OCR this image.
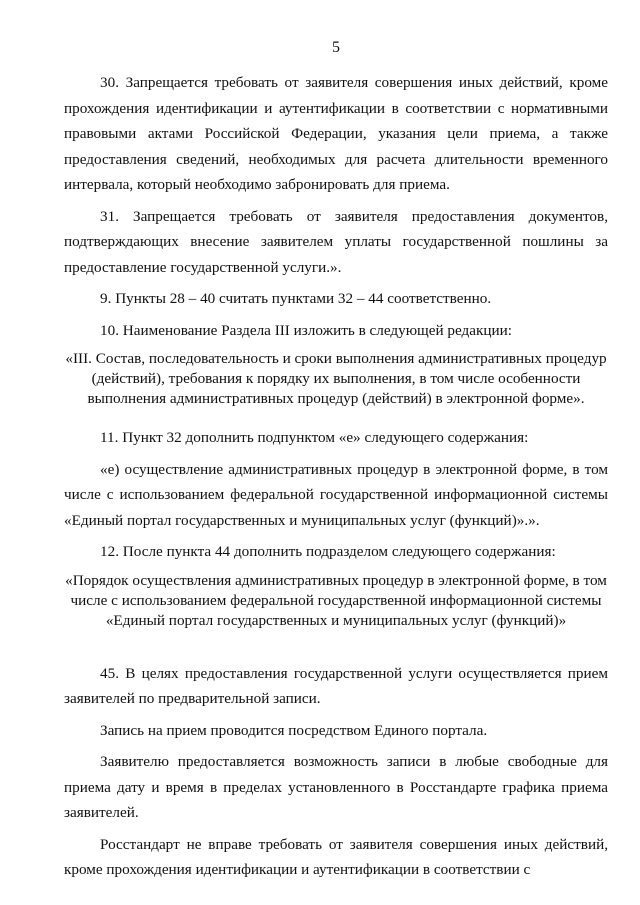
5

30. Запрещается требовать от заявителя совершения иных действий, кроме прохождения идентификации и аутентификации в соответствии с нормативными правовыми актами Российской Федерации, указания цели приема, а также предоставления сведений, необходимых для расчета длительности временного интервала, который необходимо забронировать для приема.

31. Запрещается требовать от заявителя предоставления документов, подтверждающих внесение заявителем уплаты государственной пошлины за предоставление государственной услуги.».

9. Пункты 28 – 40 считать пунктами 32 – 44 соответственно.

10. Наименование Раздела III изложить в следующей редакции:

«III. Состав, последовательность и сроки выполнения административных процедур (действий), требования к порядку их выполнения, в том числе особенности выполнения административных процедур (действий) в электронной форме».

11. Пункт 32 дополнить подпунктом «е» следующего содержания:

«е) осуществление административных процедур в электронной форме, в том числе с использованием федеральной государственной информационной системы «Единый портал государственных и муниципальных услуг (функций)».».

12. После пункта 44 дополнить подразделом следующего содержания:

«Порядок осуществления административных процедур в электронной форме, в том числе с использованием федеральной государственной информационной системы «Единый портал государственных и муниципальных услуг (функций)»

45. В целях предоставления государственной услуги осуществляется прием заявителей по предварительной записи.

Запись на прием проводится посредством Единого портала.

Заявителю предоставляется возможность записи в любые свободные для приема дату и время в пределах установленного в Росстандарте графика приема заявителей.

Росстандарт не вправе требовать от заявителя совершения иных действий, кроме прохождения идентификации и аутентификации в соответствии с
